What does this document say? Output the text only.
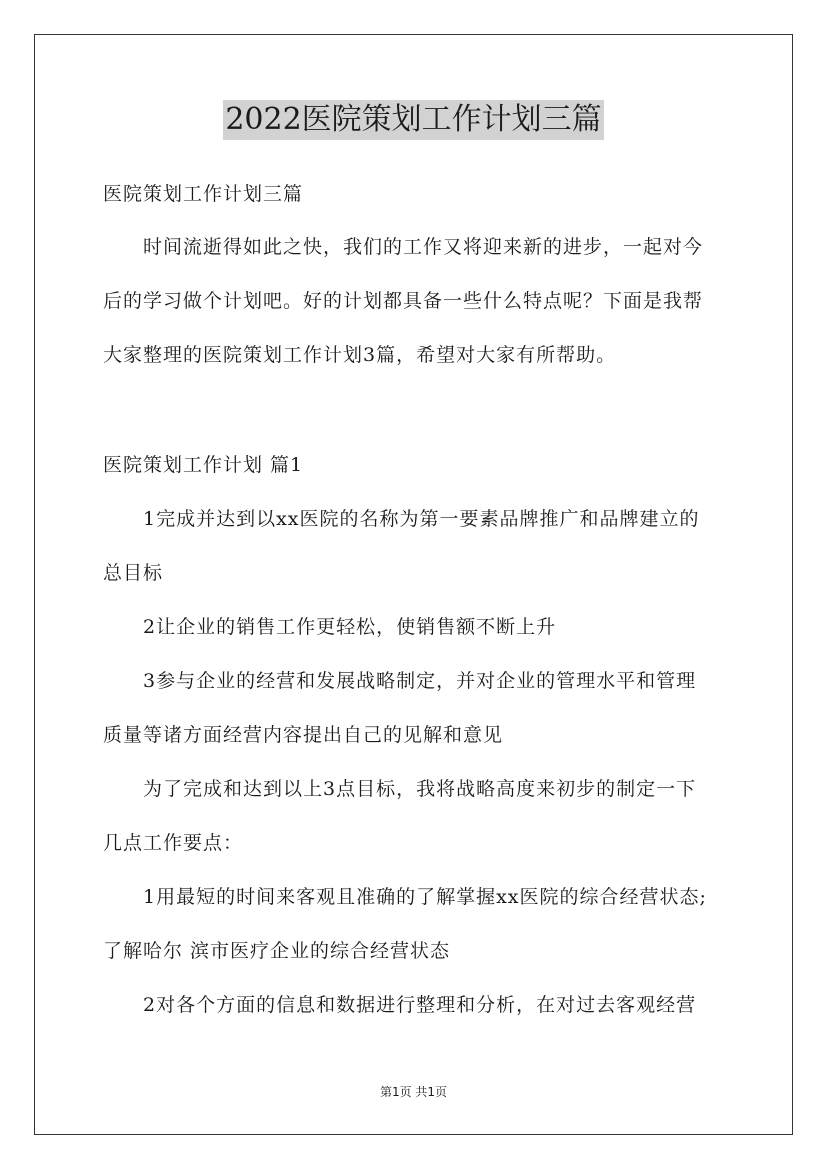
2022医院策划工作计划三篇
医院策划工作计划三篇
时间流逝得如此之快，我们的工作又将迎来新的进步，一起对今
后的学习做个计划吧。好的计划都具备一些什么特点呢？下面是我帮
大家整理的医院策划工作计划3篇，希望对大家有所帮助。
医院策划工作计划 篇1
1完成并达到以xx医院的名称为第一要素品牌推广和品牌建立的
总目标
2让企业的销售工作更轻松，使销售额不断上升
3参与企业的经营和发展战略制定，并对企业的管理水平和管理
质量等诸方面经营内容提出自己的见解和意见
为了完成和达到以上3点目标，我将战略高度来初步的制定一下
几点工作要点：
1用最短的时间来客观且准确的了解掌握xx医院的综合经营状态;
了解哈尔 滨市医疗企业的综合经营状态
2对各个方面的信息和数据进行整理和分析，在对过去客观经营
第1页 共1页
